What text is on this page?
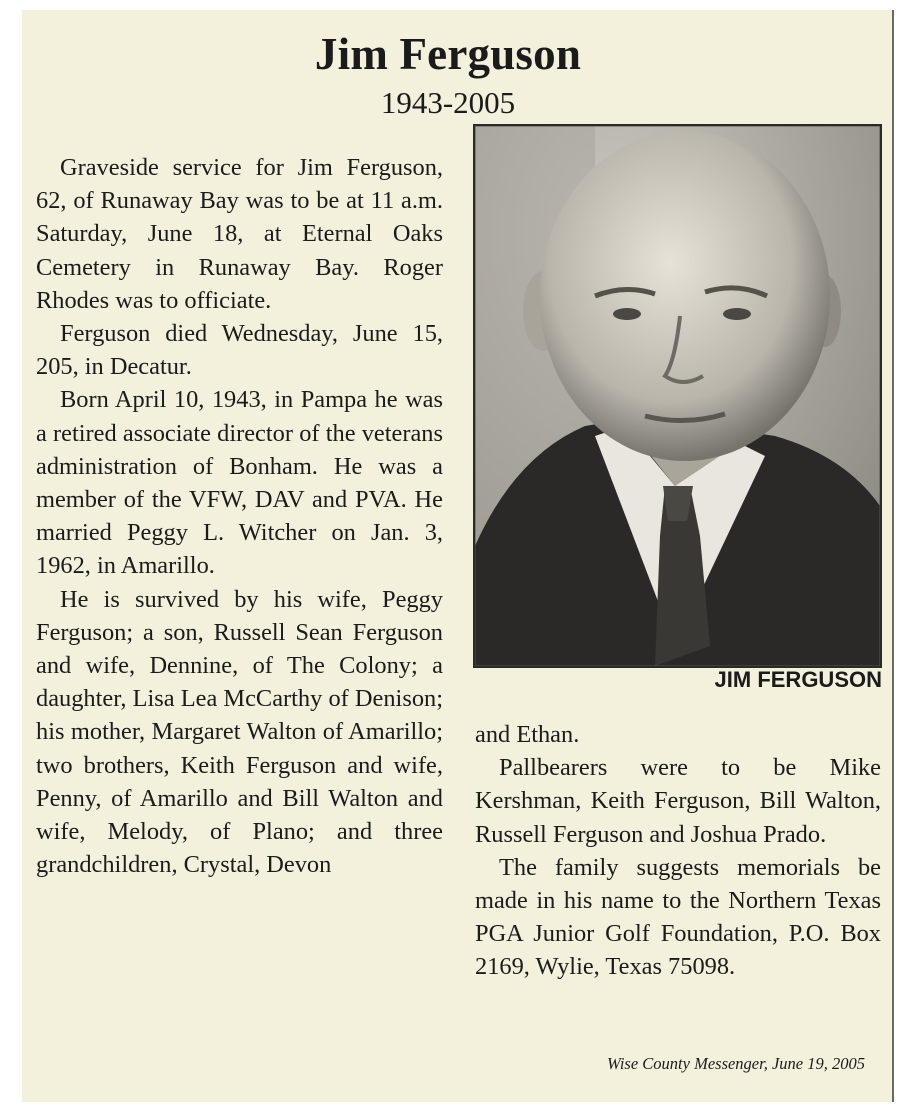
Jim Ferguson
1943-2005

Graveside service for Jim Ferguson, 62, of Runaway Bay was to be at 11 a.m. Saturday, June 18, at Eternal Oaks Cemetery in Runaway Bay. Roger Rhodes was to officiate.

Ferguson died Wednesday, June 15, 205, in Decatur.

Born April 10, 1943, in Pampa he was a retired associate director of the veterans administration of Bonham. He was a member of the VFW, DAV and PVA. He married Peggy L. Witcher on Jan. 3, 1962, in Amarillo.

He is survived by his wife, Peggy Ferguson; a son, Russell Sean Ferguson and wife, Dennine, of The Colony; a daughter, Lisa Lea McCarthy of Denison; his mother, Margaret Walton of Amarillo; two brothers, Keith Ferguson and wife, Penny, of Amarillo and Bill Walton and wife, Melody, of Plano; and three grandchildren, Crystal, Devon

JIM FERGUSON

and Ethan.

Pallbearers were to be Mike Kershman, Keith Ferguson, Bill Walton, Russell Ferguson and Joshua Prado.

The family suggests memorials be made in his name to the Northern Texas PGA Junior Golf Foundation, P.O. Box 2169, Wylie, Texas 75098.

Wise County Messenger, June 19, 2005
